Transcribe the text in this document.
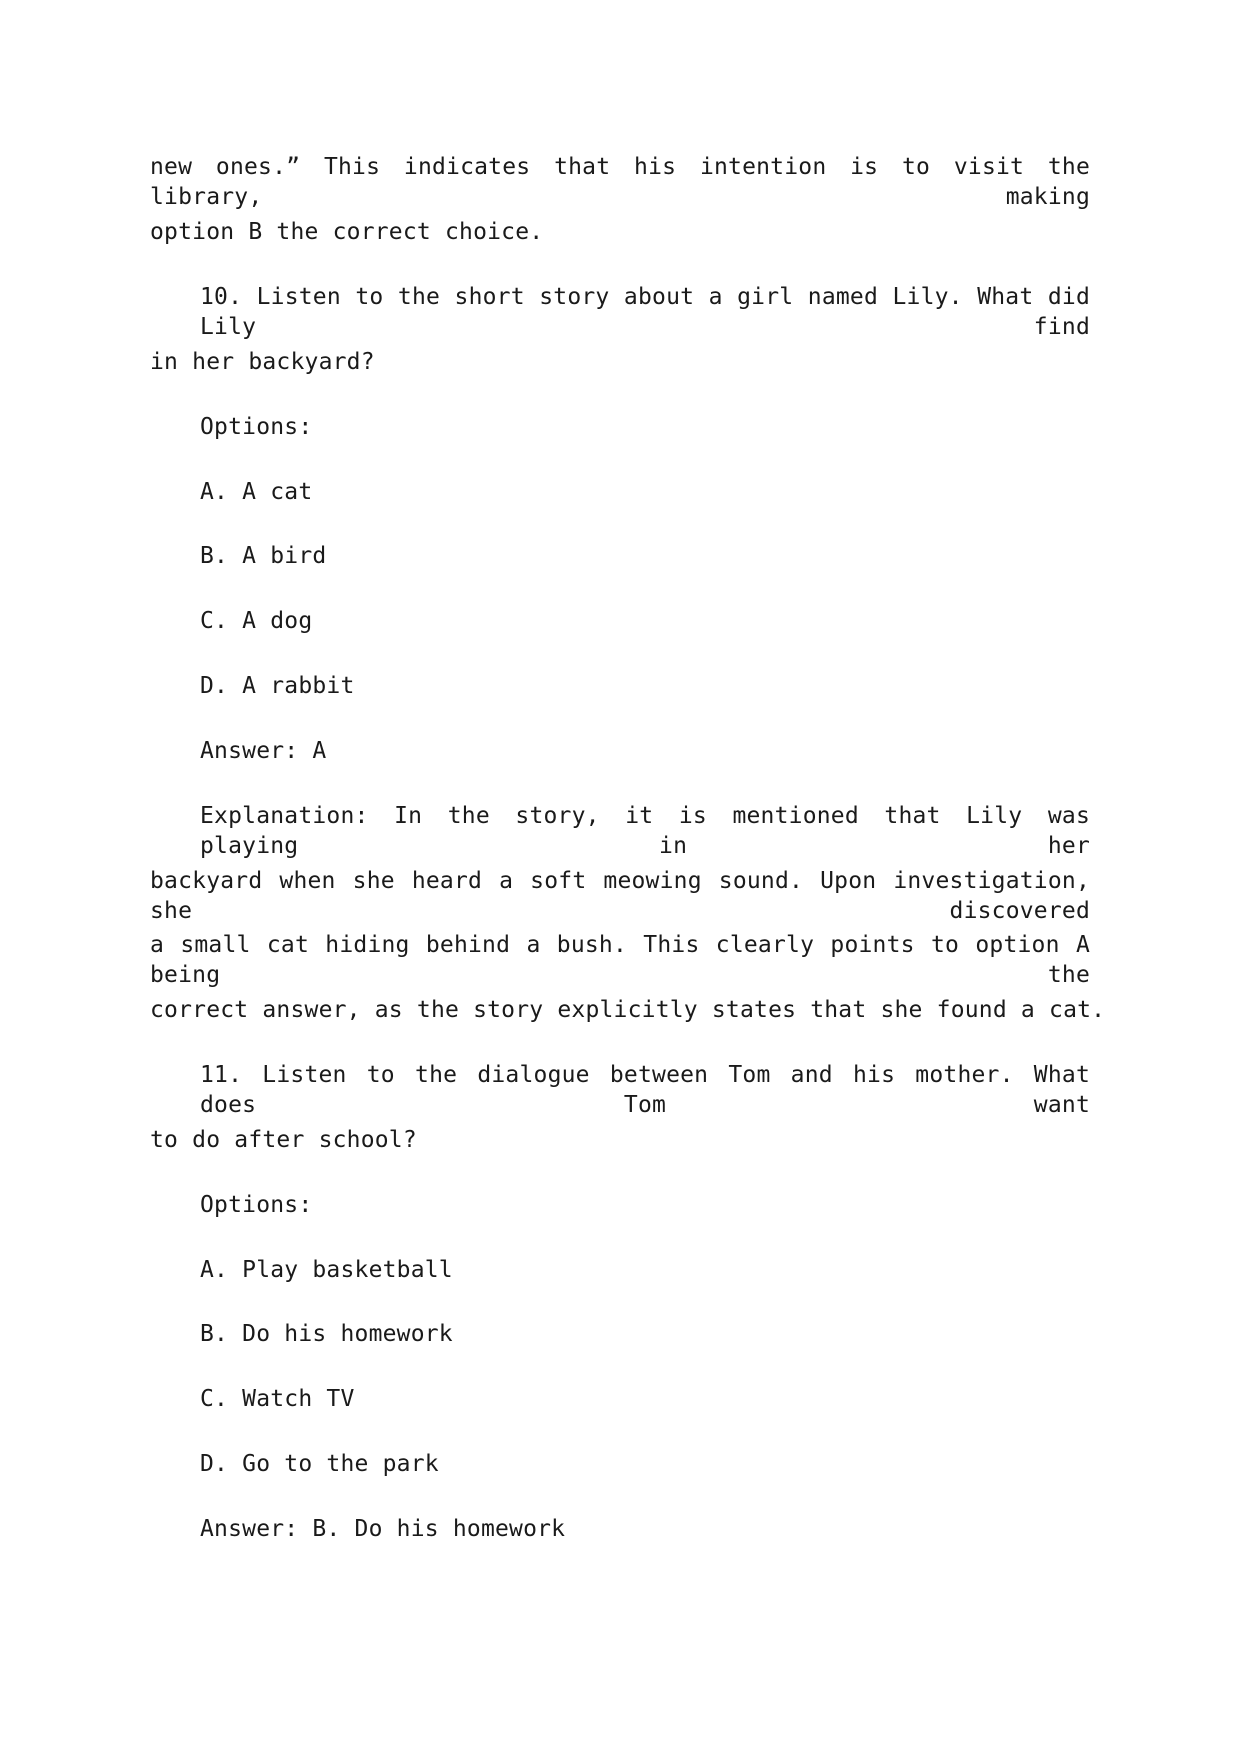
new ones.” This indicates that his intention is to visit the library, making
option B the correct choice.
10. Listen to the short story about a girl named Lily. What did Lily find
in her backyard?
Options:
A. A cat
B. A bird
C. A dog
D. A rabbit
Answer: A
Explanation: In the story, it is mentioned that Lily was playing in her
backyard when she heard a soft meowing sound. Upon investigation, she discovered
a small cat hiding behind a bush. This clearly points to option A being the
correct answer, as the story explicitly states that she found a cat.
11. Listen to the dialogue between Tom and his mother. What does Tom want
to do after school?
Options:
A. Play basketball
B. Do his homework
C. Watch TV
D. Go to the park
Answer: B. Do his homework
